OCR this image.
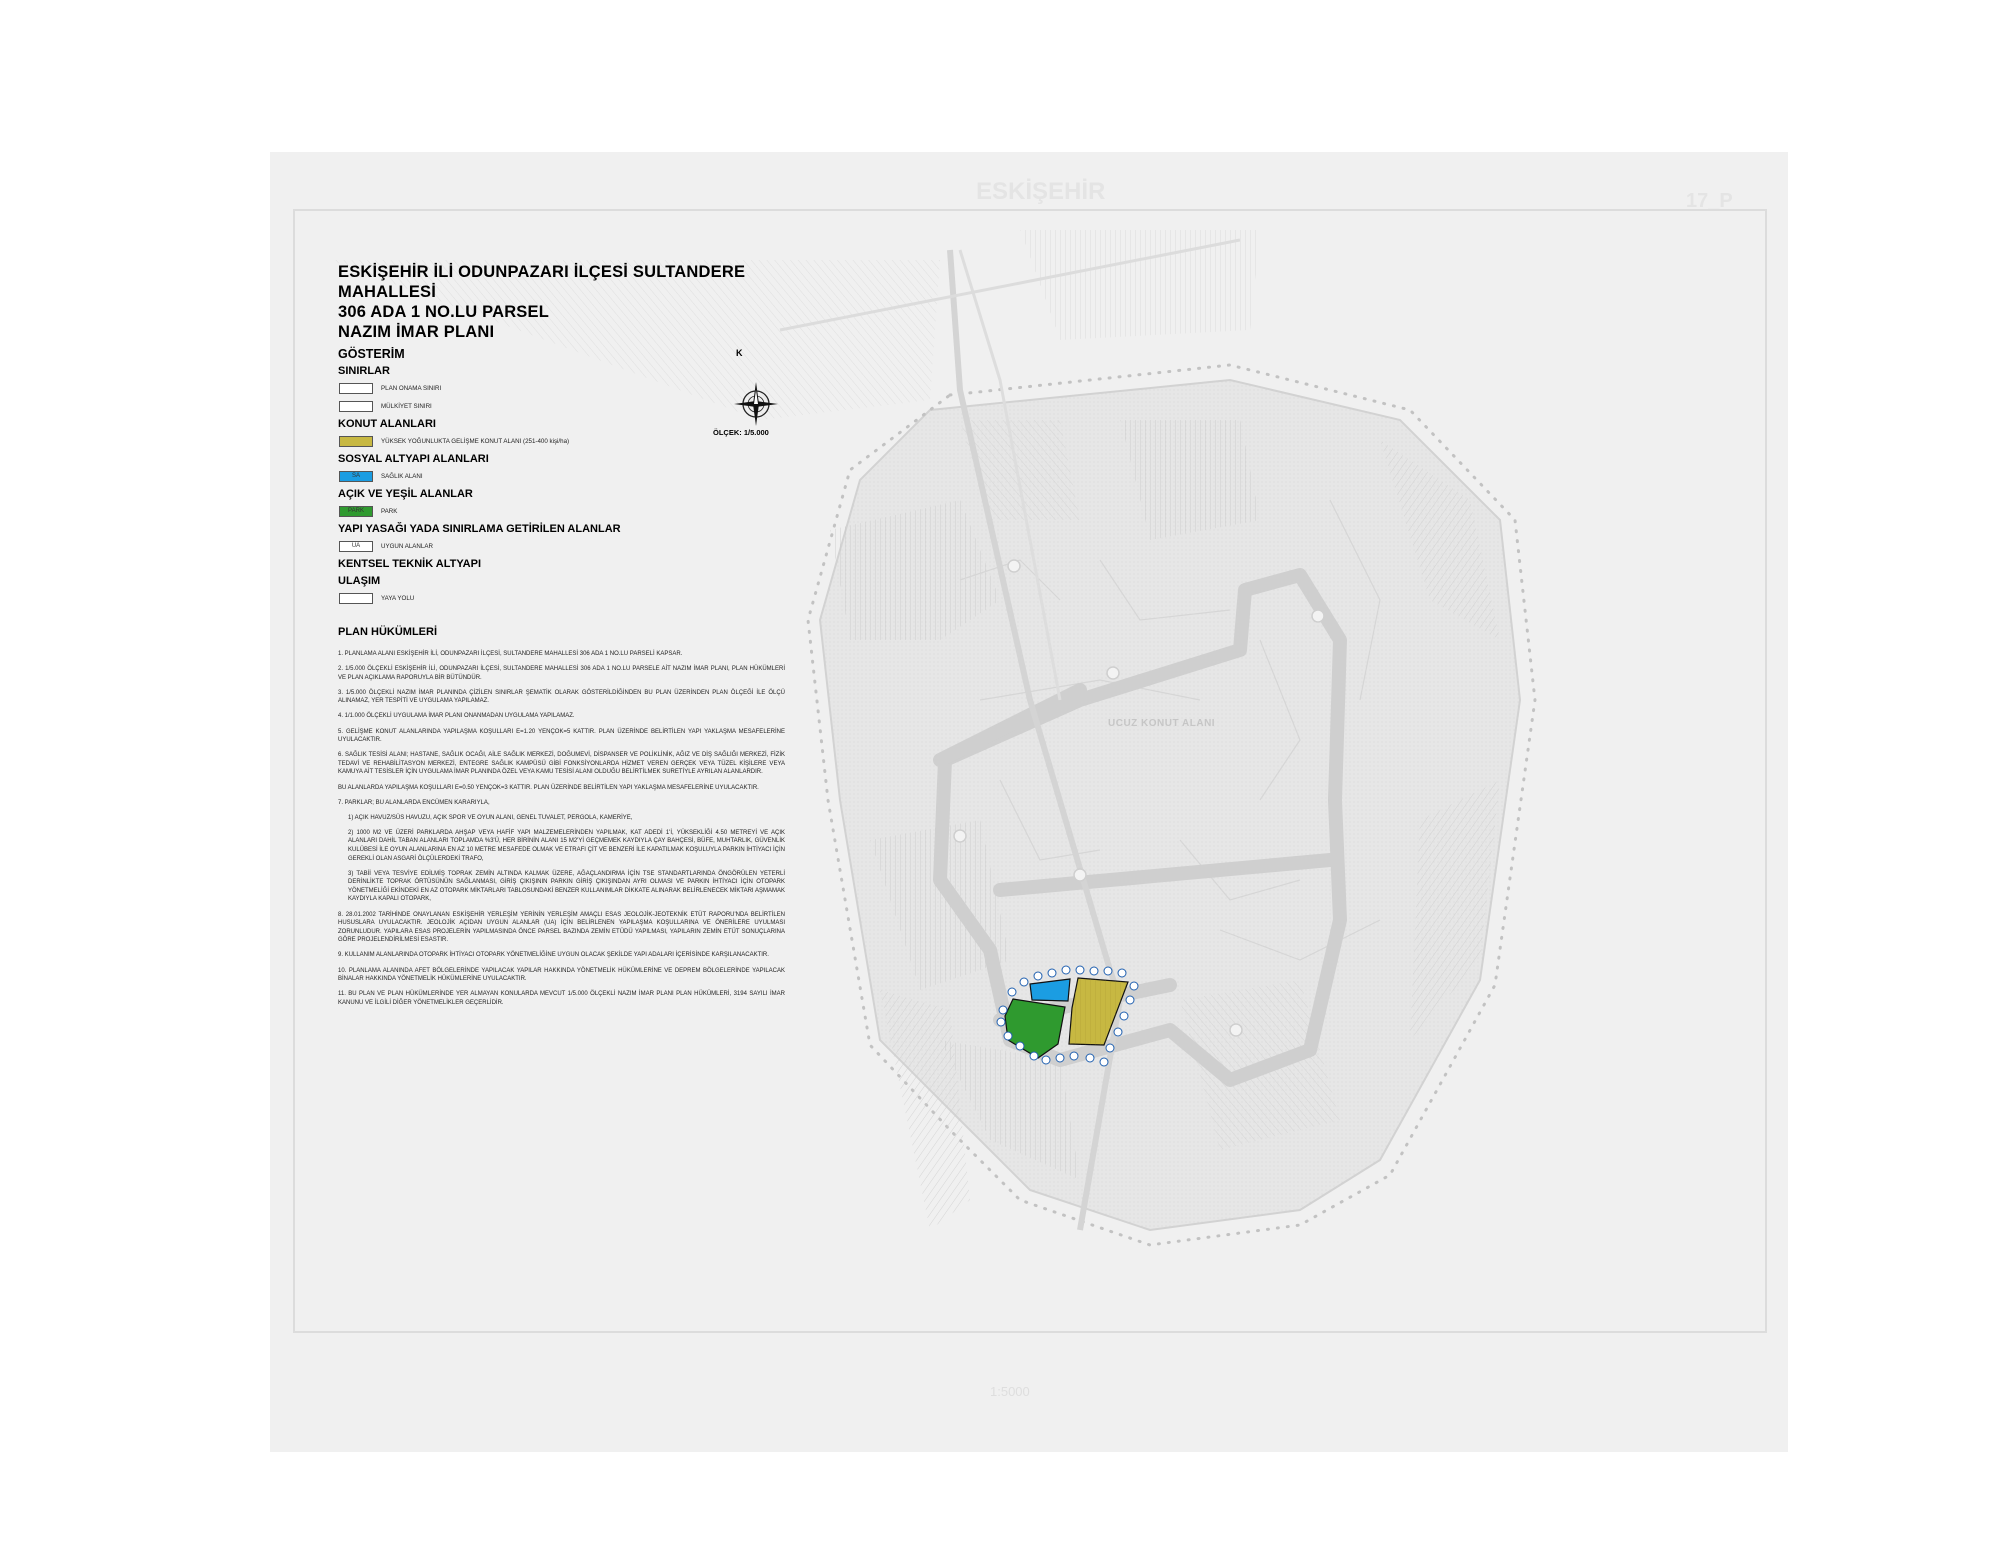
ESKİŞEHİR	17_P
1:5000
K
ÖLÇEK: 1/5.000
UCUZ KONUT ALANI
ESKİŞEHİR İLİ ODUNPAZARI İLÇESİ SULTANDERE MAHALLESİ
306 ADA 1 NO.LU PARSEL
NAZIM İMAR PLANI
GÖSTERİM
SINIRLAR
PLAN ONAMA SINIRI
MÜLKİYET SINIRI
KONUT ALANLARI
YÜKSEK YOĞUNLUKTA GELİŞME KONUT ALANI (251-400 kişi/ha)
SOSYAL ALTYAPI ALANLARI
SA	SAĞLIK ALANI
AÇIK VE YEŞİL ALANLAR
PARK	PARK
YAPI YASAĞI YADA SINIRLAMA GETİRİLEN ALANLAR
UA	UYGUN ALANLAR
KENTSEL TEKNİK ALTYAPI
ULAŞIM
YAYA YOLU
PLAN HÜKÜMLERİ
1. PLANLAMA ALANI ESKİŞEHİR İLİ, ODUNPAZARI İLÇESİ, SULTANDERE MAHALLESİ 306 ADA 1 NO.LU PARSELİ KAPSAR.
2. 1/5.000 ÖLÇEKLİ ESKİŞEHİR İLİ, ODUNPAZARI İLÇESİ, SULTANDERE MAHALLESİ 306 ADA 1 NO.LU PARSELE AİT NAZIM İMAR PLANI, PLAN HÜKÜMLERİ VE PLAN AÇIKLAMA RAPORUYLA BİR BÜTÜNDÜR.
3. 1/5.000 ÖLÇEKLİ NAZIM İMAR PLANINDA ÇİZİLEN SINIRLAR ŞEMATİK OLARAK GÖSTERİLDİĞİNDEN BU PLAN ÜZERİNDEN PLAN ÖLÇEĞİ İLE ÖLÇÜ ALINAMAZ, YER TESPİTİ VE UYGULAMA YAPILAMAZ.
4. 1/1.000 ÖLÇEKLİ UYGULAMA İMAR PLANI ONANMADAN UYGULAMA YAPILAMAZ.
5. GELİŞME KONUT ALANLARINDA YAPILAŞMA KOŞULLARI E=1.20 YENÇOK=5 KATTIR. PLAN ÜZERİNDE BELİRTİLEN YAPI YAKLAŞMA MESAFELERİNE UYULACAKTIR.
6. SAĞLIK TESİSİ ALANI; HASTANE, SAĞLIK OCAĞI, AİLE SAĞLIK MERKEZİ, DOĞUMEVİ, DİSPANSER VE POLİKLİNİK, AĞIZ VE DİŞ SAĞLIĞI MERKEZİ, FİZİK TEDAVİ VE REHABİLİTASYON MERKEZİ, ENTEGRE SAĞLIK KAMPÜSÜ GİBİ FONKSİYONLARDA HİZMET VEREN GERÇEK VEYA TÜZEL KİŞİLERE VEYA KAMUYA AİT TESİSLER İÇİN UYGULAMA İMAR PLANINDA ÖZEL VEYA KAMU TESİSİ ALANI OLDUĞU BELİRTİLMEK SURETİYLE AYRILAN ALANLARDIR.
BU ALANLARDA YAPILAŞMA KOŞULLARI E=0.50 YENÇOK=3 KATTIR. PLAN ÜZERİNDE BELİRTİLEN YAPI YAKLAŞMA MESAFELERİNE UYULACAKTIR.
7. PARKLAR; BU ALANLARDA ENCÜMEN KARARIYLA,
1) AÇIK HAVUZ/SÜS HAVUZU, AÇIK SPOR VE OYUN ALANI, GENEL TUVALET, PERGOLA, KAMERİYE,
2) 1000 M2 VE ÜZERİ PARKLARDA AHŞAP VEYA HAFİF YAPI MALZEMELERİNDEN YAPILMAK, KAT ADEDİ 1'İ, YÜKSEKLİĞİ 4.50 METREYİ VE AÇIK ALANLARI DAHİL TABAN ALANLARI TOPLAMDA %3'Ü, HER BİRİNİN ALANI 15 M2'Yİ GEÇMEMEK KAYDIYLA ÇAY BAHÇESİ, BÜFE, MUHTARLIK, GÜVENLİK KULÜBESİ İLE OYUN ALANLARINA EN AZ 10 METRE MESAFEDE OLMAK VE ETRAFI ÇİT VE BENZERİ İLE KAPATILMAK KOŞULUYLA PARKIN İHTİYACI İÇİN GEREKLİ OLAN ASGARİ ÖLÇÜLERDEKİ TRAFO,
3) TABİİ VEYA TESVİYE EDİLMİŞ TOPRAK ZEMİN ALTINDA KALMAK ÜZERE, AĞAÇLANDIRMA İÇİN TSE STANDARTLARINDA ÖNGÖRÜLEN YETERLİ DERİNLİKTE TOPRAK ÖRTÜSÜNÜN SAĞLANMASI, GİRİŞ ÇIKIŞININ PARKIN GİRİŞ ÇIKIŞINDAN AYRI OLMASI VE PARKIN İHTİYACI İÇİN OTOPARK YÖNETMELİĞİ EKİNDEKİ EN AZ OTOPARK MİKTARLARI TABLOSUNDAKİ BENZER KULLANIMLAR DİKKATE ALINARAK BELİRLENECEK MİKTARI AŞMAMAK KAYDIYLA KAPALI OTOPARK,
8. 28.01.2002 TARİHİNDE ONAYLANAN ESKİŞEHİR YERLEŞİM YERİNİN YERLEŞİM AMAÇLI ESAS JEOLOJİK-JEOTEKNİK ETÜT RAPORU'NDA BELİRTİLEN HUSUSLARA UYULACAKTIR. JEOLOJİK AÇIDAN UYGUN ALANLAR (UA) İÇİN BELİRLENEN YAPILAŞMA KOŞULLARINA VE ÖNERİLERE UYULMASI ZORUNLUDUR. YAPILARA ESAS PROJELERİN YAPILMASINDA ÖNCE PARSEL BAZINDA ZEMİN ETÜDÜ YAPILMASI, YAPILARIN ZEMİN ETÜT SONUÇLARINA GÖRE PROJELENDİRİLMESİ ESASTIR.
9. KULLANIM ALANLARINDA OTOPARK İHTİYACI OTOPARK YÖNETMELİĞİNE UYGUN OLACAK ŞEKİLDE YAPI ADALARI İÇERİSİNDE KARŞILANACAKTIR.
10. PLANLAMA ALANINDA AFET BÖLGELERİNDE YAPILACAK YAPILAR HAKKINDA YÖNETMELİK HÜKÜMLERİNE VE DEPREM BÖLGELERİNDE YAPILACAK BİNALAR HAKKINDA YÖNETMELİK HÜKÜMLERİNE UYULACAKTIR.
11. BU PLAN VE PLAN HÜKÜMLERİNDE YER ALMAYAN KONULARDA MEVCUT 1/5.000 ÖLÇEKLİ NAZIM İMAR PLANI PLAN HÜKÜMLERİ, 3194 SAYILI İMAR KANUNU VE İLGİLİ DİĞER YÖNETMELİKLER GEÇERLİDİR.
